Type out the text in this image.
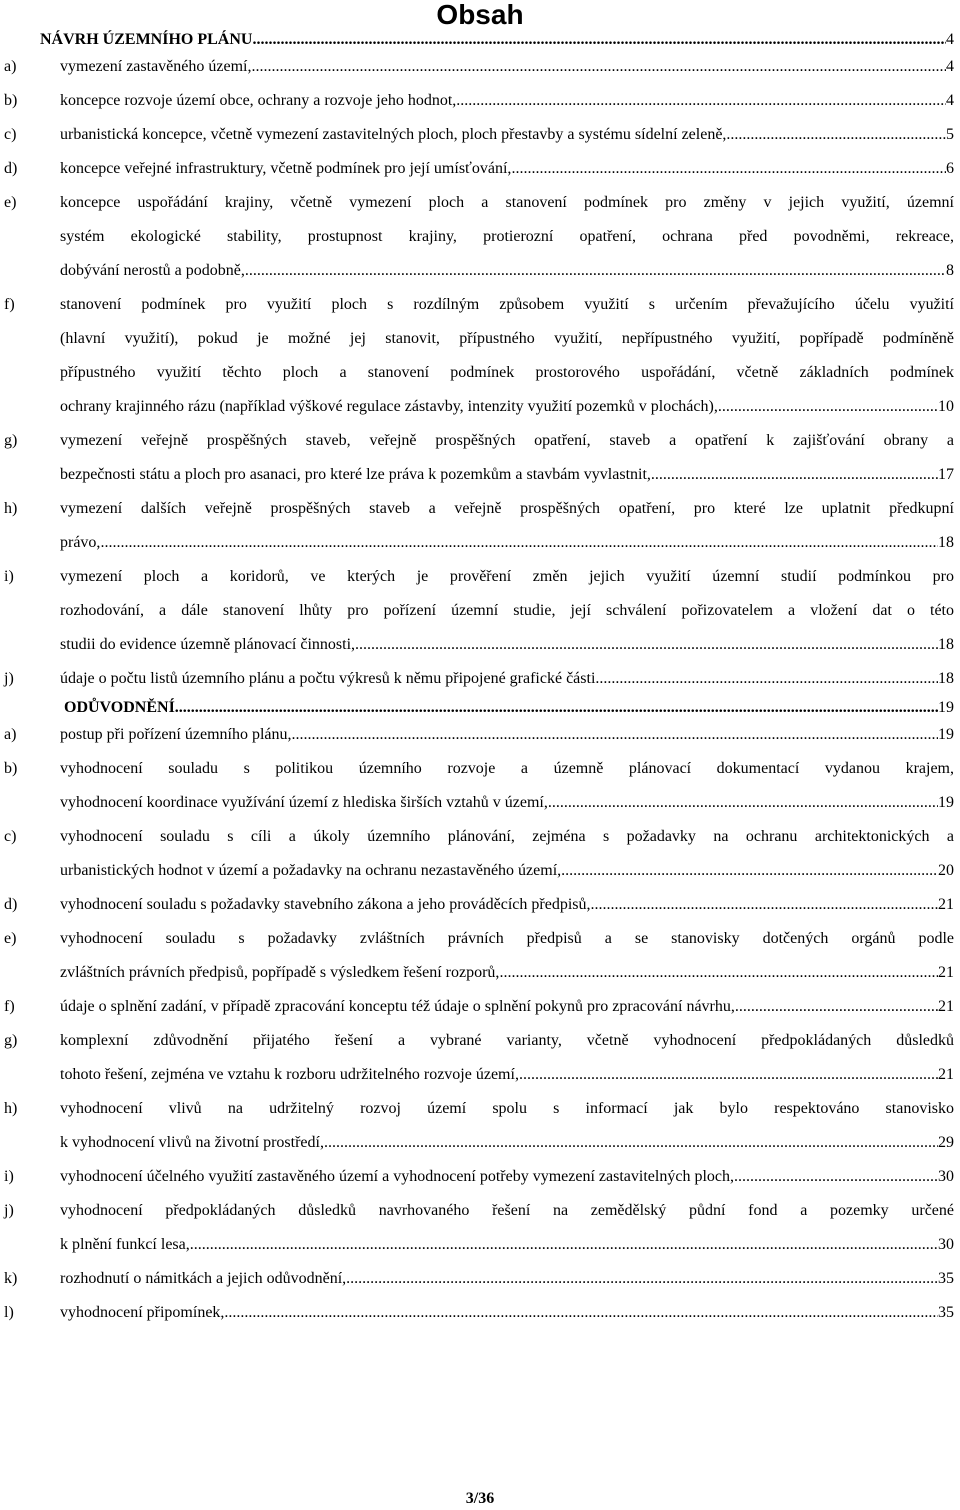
Obsah
NÁVRH ÚZEMNÍHO PLÁNU .....	4
a)	vymezení zastavěného území, .....	4
b)	koncepce rozvoje území obce, ochrany a rozvoje jeho hodnot, .....	4
c)	urbanistická koncepce, včetně vymezení zastavitelných ploch, ploch přestavby a systému sídelní zeleně, .....	5
d)	koncepce veřejné infrastruktury, včetně podmínek pro její umísťování, .....	6
e)	koncepce uspořádání krajiny, včetně vymezení ploch a stanovení podmínek pro změny v jejich využití, územní
systém ekologické stability, prostupnost krajiny, protierozní opatření, ochrana před povodněmi, rekreace,
dobývání nerostů a podobně, .....	8
f)	stanovení podmínek pro využití ploch s rozdílným způsobem využití s určením převažujícího účelu využití
(hlavní využití), pokud je možné jej stanovit, přípustného využití, nepřípustného využití, popřípadě podmíněně
přípustného využití těchto ploch a stanovení podmínek prostorového uspořádání, včetně základních podmínek
ochrany krajinného rázu (například výškové regulace zástavby, intenzity využití pozemků v plochách), .....	10
g)	vymezení veřejně prospěšných staveb, veřejně prospěšných opatření, staveb a opatření k zajišťování obrany a
bezpečnosti státu a ploch pro asanaci, pro které lze práva k pozemkům a stavbám vyvlastnit, .....	17
h)	vymezení dalších veřejně prospěšných staveb a veřejně prospěšných opatření, pro které lze uplatnit předkupní
právo, .....	18
i)	vymezení ploch a koridorů, ve kterých je prověření změn jejich využití územní studií podmínkou pro
rozhodování, a dále stanovení lhůty pro pořízení územní studie, její schválení pořizovatelem a vložení dat o této
studii do evidence územně plánovací činnosti, .....	18
j)	údaje o počtu listů územního plánu a počtu výkresů k němu připojené grafické části. .....	18
ODŮVODNĚNÍ .....	19
a)	postup při pořízení územního plánu, .....	19
b)	vyhodnocení souladu s politikou územního rozvoje a územně plánovací dokumentací vydanou krajem,
vyhodnocení koordinace využívání území z hlediska širších vztahů v území, .....	19
c)	vyhodnocení souladu s cíli a úkoly územního plánování, zejména s požadavky na ochranu architektonických a
urbanistických hodnot v území a požadavky na ochranu nezastavěného území, .....	20
d)	vyhodnocení souladu s požadavky stavebního zákona a jeho prováděcích předpisů, .....	21
e)	vyhodnocení souladu s požadavky zvláštních právních předpisů a se stanovisky dotčených orgánů podle
zvláštních právních předpisů, popřípadě s výsledkem řešení rozporů, .....	21
f)	údaje o splnění zadání, v případě zpracování konceptu též údaje o splnění pokynů pro zpracování návrhu, .....	21
g)	komplexní zdůvodnění přijatého řešení a vybrané varianty, včetně vyhodnocení předpokládaných důsledků
tohoto řešení, zejména ve vztahu k rozboru udržitelného rozvoje území, .....	21
h)	vyhodnocení vlivů na udržitelný rozvoj území spolu s informací jak bylo respektováno stanovisko
k vyhodnocení vlivů na životní prostředí, .....	29
i)	vyhodnocení účelného využití zastavěného území a vyhodnocení potřeby vymezení zastavitelných ploch, .....	30
j)	vyhodnocení předpokládaných důsledků navrhovaného řešení na zemědělský půdní fond a pozemky určené
k plnění funkcí lesa, .....	30
k)	rozhodnutí o námitkách a jejich odůvodnění, .....	35
l)	vyhodnocení připomínek, .....	35
3/36
